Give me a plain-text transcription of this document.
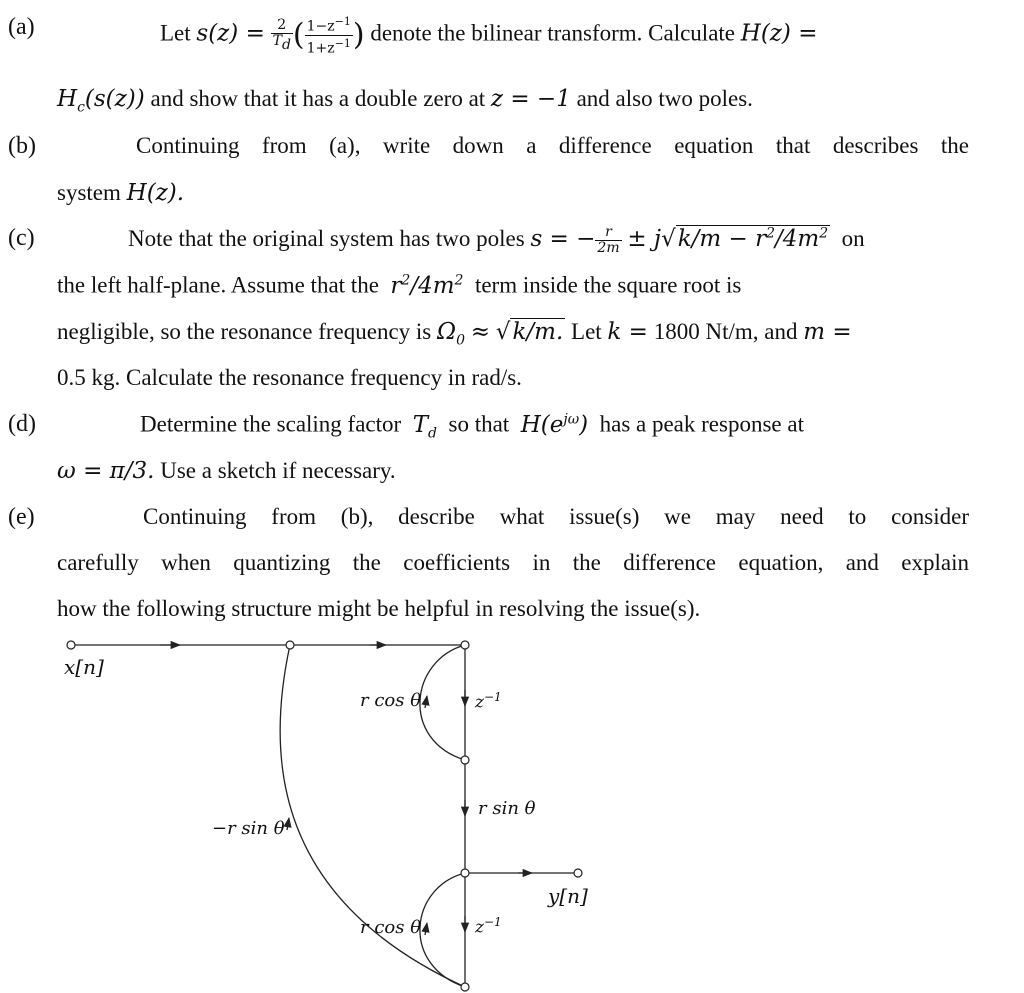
(a)	Let $s(z) = \frac{2}{T_d}$ ( $\frac{1-z^{-1}}{1+z^{-1}}$ ) denote the bilinear transform. Calculate H(z) =
$H_c(s(z))$ and show that it has a double zero at z = −1 and also two poles.
(b)	Continuing from (a), write down a difference equation that describes the
system H(z).
(c)	Note that the original system has two poles s = − $\frac{r}{2m} \pm j√k/m - r^2/4m^2$ on
the left half-plane. Assume that the $r^2/4m^2$ term inside the square root is
negligible, so the resonance frequency is $\Omega_0 \approx √k/m$. Let k = 1800 Nt/m, and m =
0.5 kg. Calculate the resonance frequency in rad/s.
(d)	Determine the scaling factor $T_d$ so that $H(e^{j\omega})$ has a peak response at
ω = π/3. Use a sketch if necessary.
(e)	Continuing from (b), describe what issue(s) we may need to consider
carefully when quantizing the coefficients in the difference equation, and explain
how the following structure might be helpful in resolving the issue(s).
x[n]
y[n]
r cos θ	$z^{-1}$
r sin θ
−r sin θ
r cos θ	$z^{-1}$
